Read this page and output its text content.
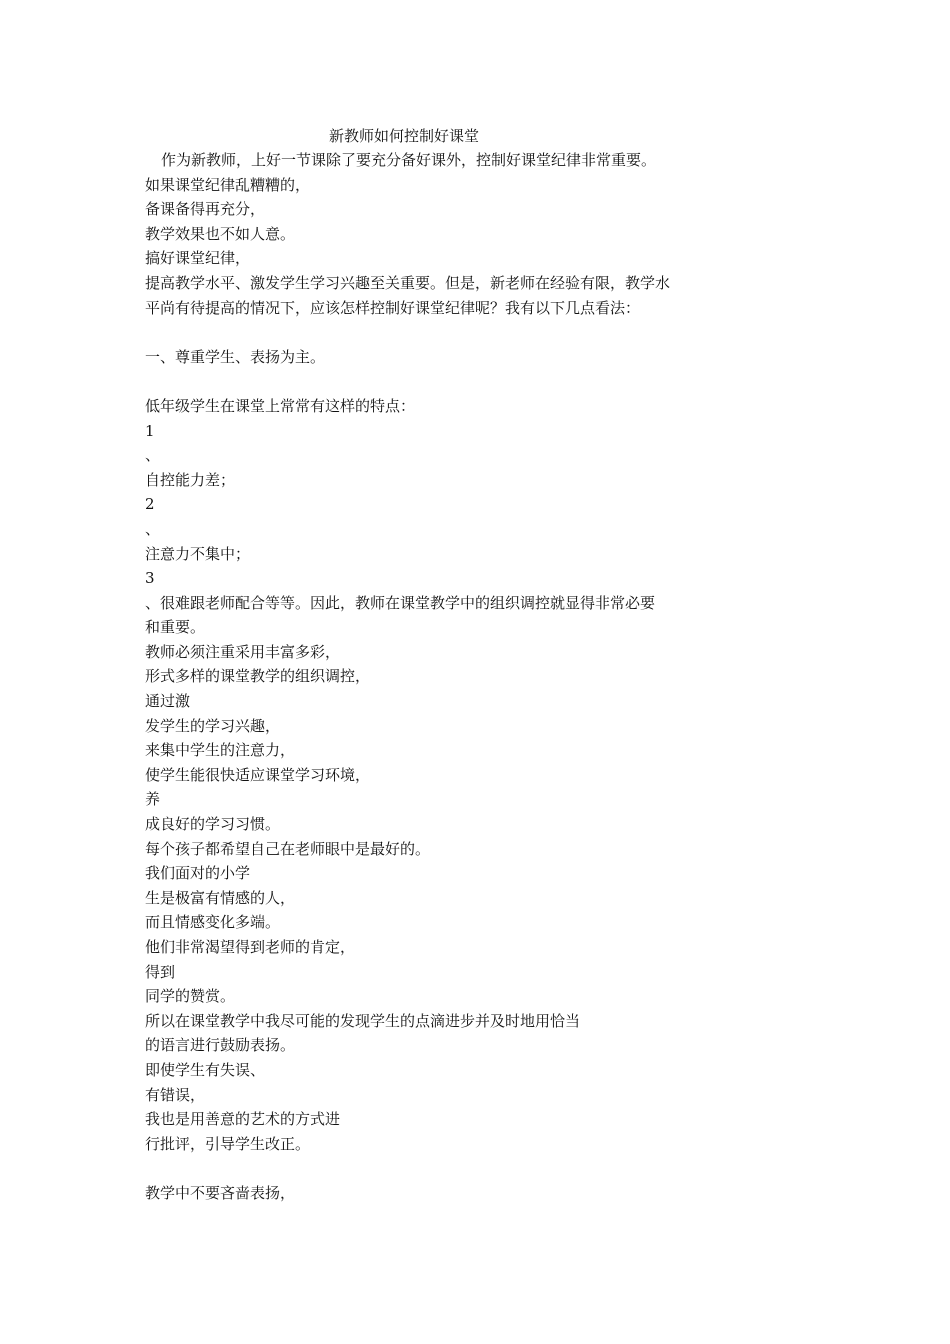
新教师如何控制好课堂

作为新教师，上好一节课除了要充分备好课外，控制好课堂纪律非常重要。

如果课堂纪律乱糟糟的，

备课备得再充分，

教学效果也不如人意。

搞好课堂纪律，

提高教学水平、激发学生学习兴趣至关重要。但是，新老师在经验有限，教学水

平尚有待提高的情况下，应该怎样控制好课堂纪律呢？我有以下几点看法：

一、尊重学生、表扬为主。

低年级学生在课堂上常常有这样的特点：

1

、

自控能力差；

2

、

注意力不集中；

3

、很难跟老师配合等等。因此，教师在课堂教学中的组织调控就显得非常必要

和重要。

教师必须注重采用丰富多彩，

形式多样的课堂教学的组织调控，

通过激

发学生的学习兴趣，

来集中学生的注意力，

使学生能很快适应课堂学习环境，

养

成良好的学习习惯。

每个孩子都希望自己在老师眼中是最好的。

我们面对的小学

生是极富有情感的人，

而且情感变化多端。

他们非常渴望得到老师的肯定，

得到

同学的赞赏。

所以在课堂教学中我尽可能的发现学生的点滴进步并及时地用恰当

的语言进行鼓励表扬。

即使学生有失误、

有错误，

我也是用善意的艺术的方式进

行批评，引导学生改正。

教学中不要吝啬表扬，
